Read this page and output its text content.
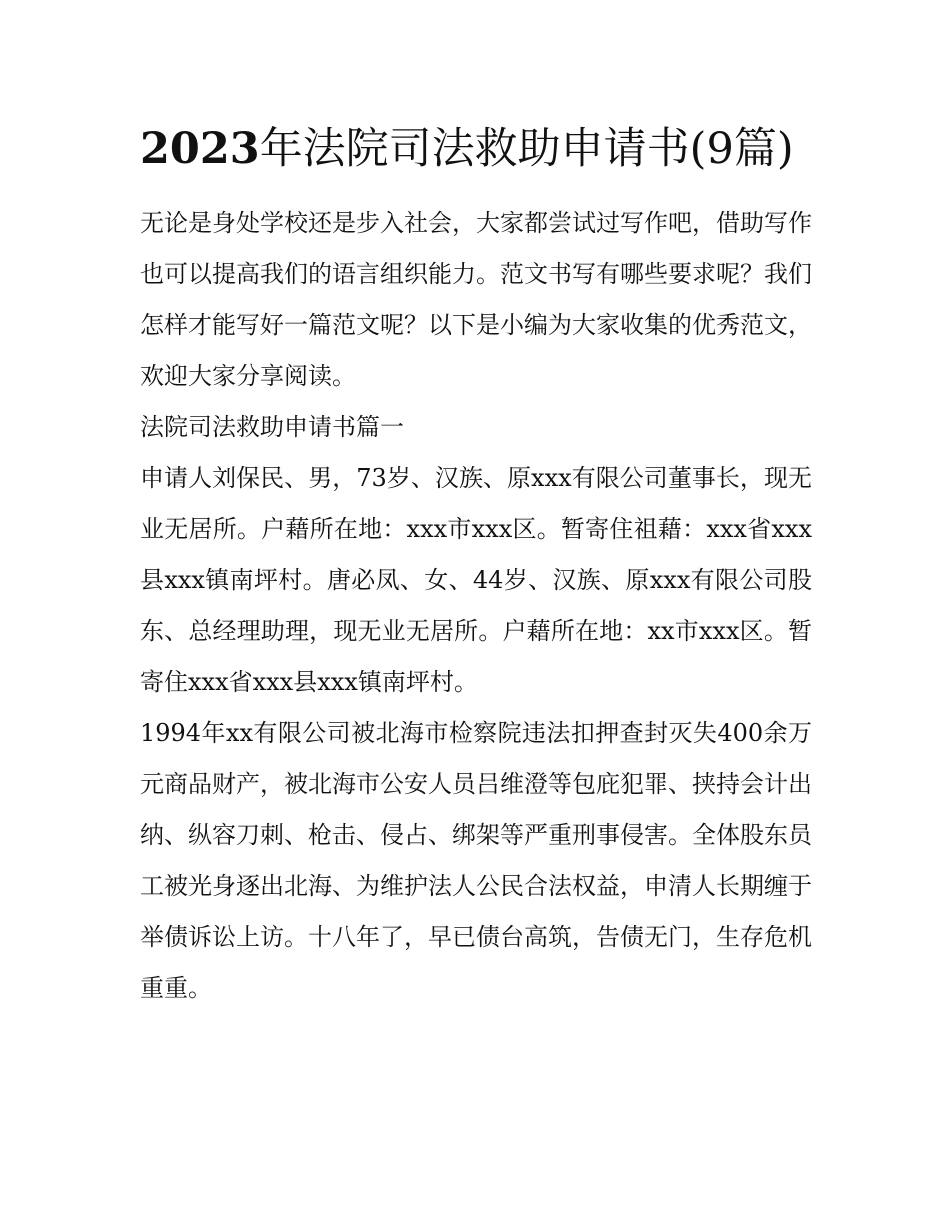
2023年法院司法救助申请书(9篇)

无论是身处学校还是步入社会，大家都尝试过写作吧，借助写作也可以提高我们的语言组织能力。范文书写有哪些要求呢？我们怎样才能写好一篇范文呢？以下是小编为大家收集的优秀范文，欢迎大家分享阅读。

法院司法救助申请书篇一

申请人刘保民、男，73岁、汉族、原xxx有限公司董事长，现无业无居所。户藉所在地：xxx市xxx区。暂寄住祖藉：xxx省xxx县xxx镇南坪村。唐必凤、女、44岁、汉族、原xxx有限公司股东、总经理助理，现无业无居所。户藉所在地：xx市xxx区。暂寄住xxx省xxx县xxx镇南坪村。

1994年xx有限公司被北海市检察院违法扣押查封灭失400余万元商品财产，被北海市公安人员吕维澄等包庇犯罪、挟持会计出纳、纵容刀刺、枪击、侵占、绑架等严重刑事侵害。全体股东员工被光身逐出北海、为维护法人公民合法权益，申清人长期缠于举债诉讼上访。十八年了，早已债台高筑，告债无门，生存危机重重。
